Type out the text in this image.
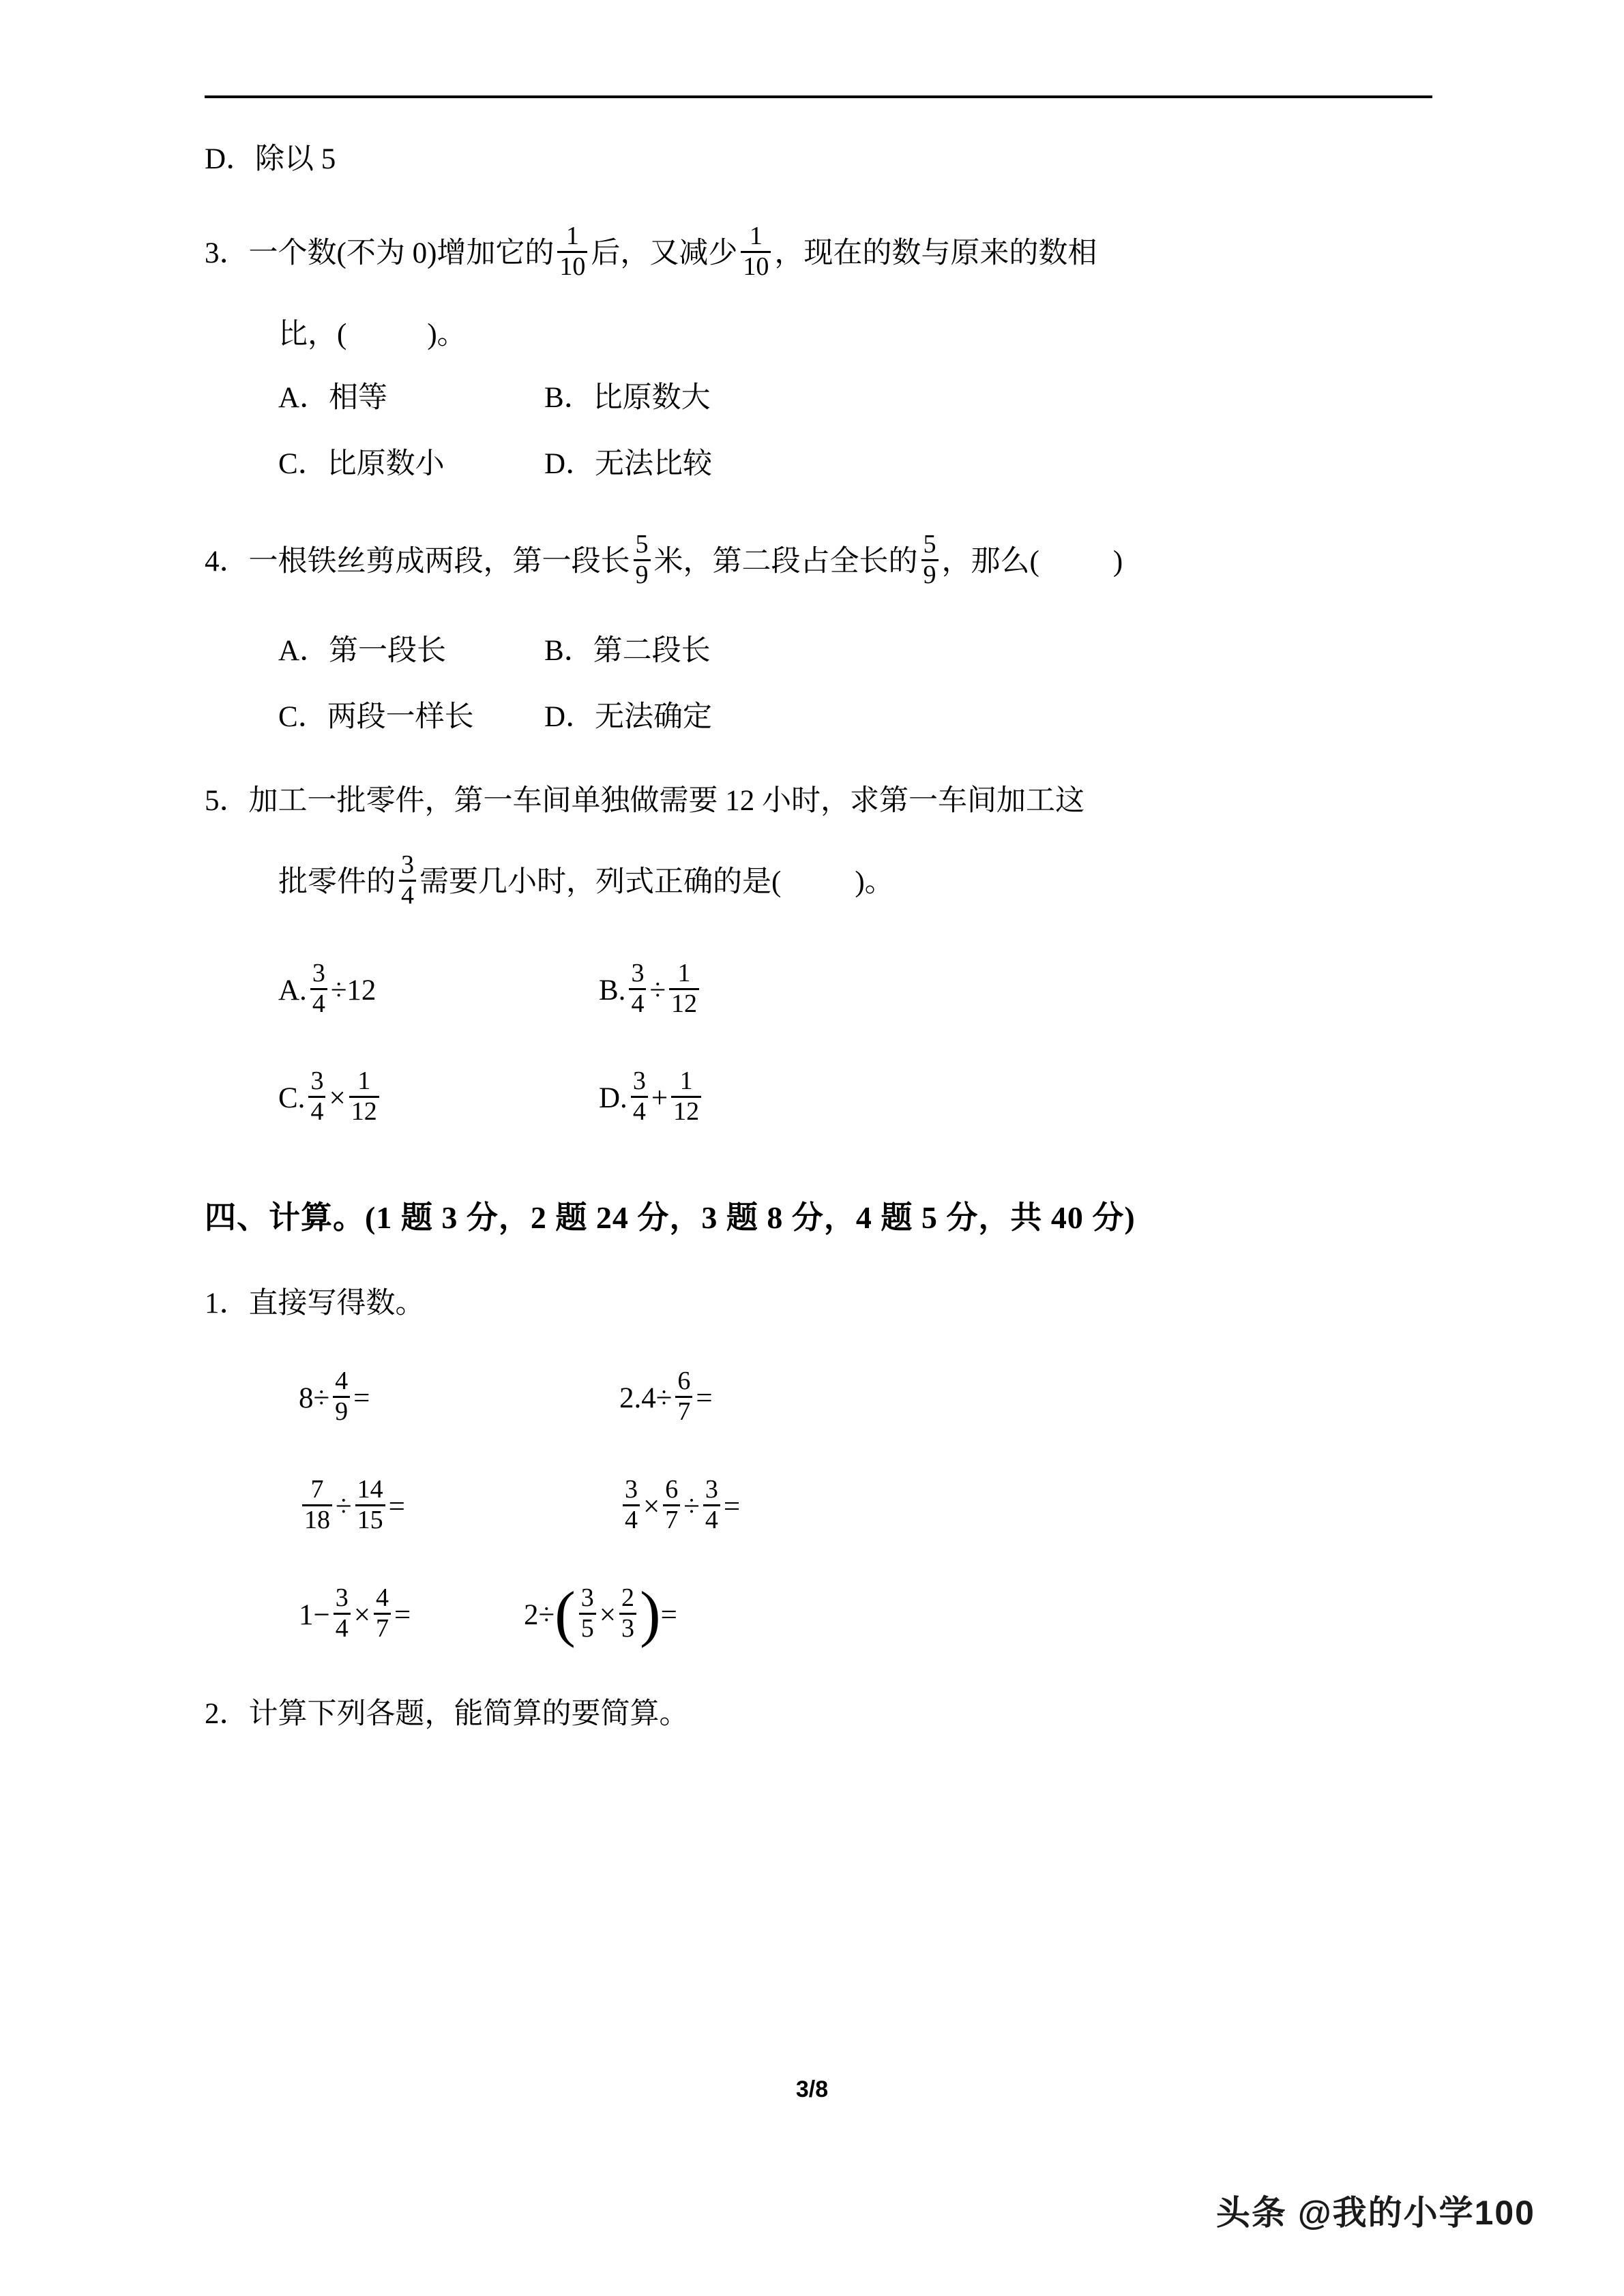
D．除以 5
3． 一个数(不为 0)增加它的 $\frac{1}{10}$ 后，又减少 $\frac{1}{10}$ ，现在的数与原来的数相
比，(	)。
A．相等	B．比原数大
C．比原数小	D．无法比较
4． 一根铁丝剪成两段，第一段长 $\frac{5}{9}$ 米，第二段占全长的 $\frac{5}{9}$ ，那么(	)
A．第一段长	B．第二段长
C．两段一样长	D．无法确定
5． 加工一批零件，第一车间单独做需要 12 小时，求第一车间加工这
批零件的 $\frac{3}{4}$ 需要几小时，列式正确的是(	)。
A. $\frac{3}{4} \div 12$	B. $\frac{3}{4} \div \frac{1}{12}$
C. $\frac{3}{4} \times \frac{1}{12}$	D. $\frac{3}{4} + \frac{1}{12}$
四、计算。(1 题 3 分，2 题 24 分，3 题 8 分，4 题 5 分，共 40 分)
1． 直接写得数。
$8\div \frac{4}{9}$ =	$2.4\div \frac{6}{7}$ =
$\frac{7}{18} \div \frac{14}{15}$ =	$\frac{3}{4} \times \frac{6}{7} \div \frac{3}{4}$ =
$1- \frac{3}{4} \times \frac{4}{7}$ =	2÷ ( $\frac{3}{5} \times \frac{2}{3}$ ) =
2． 计算下列各题，能简算的要简算。
3/8
头条 @我的小学100
